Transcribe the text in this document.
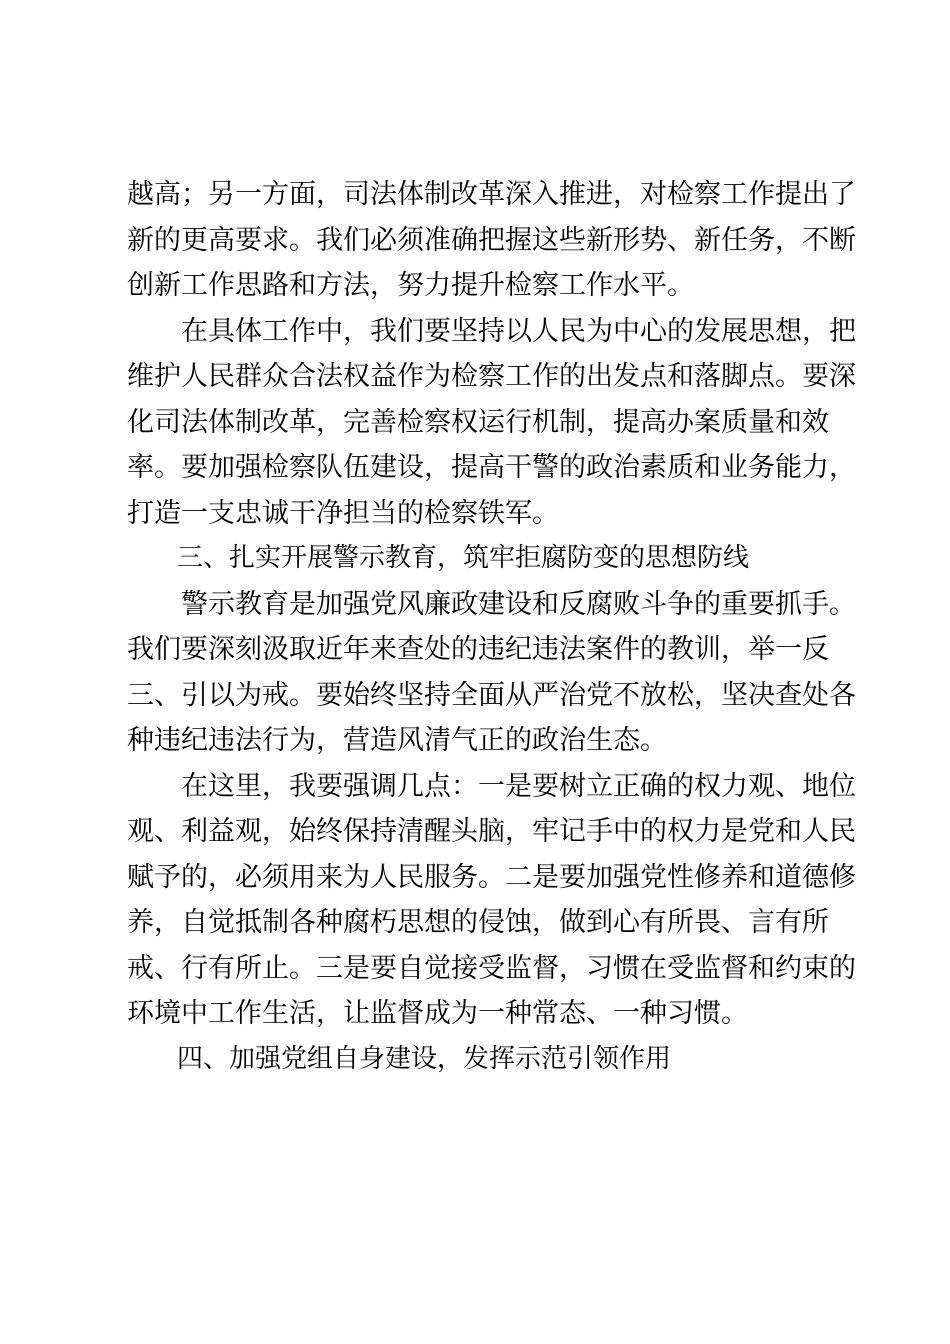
越高；另一方面，司法体制改革深入推进，对检察工作提出了
新的更高要求。我们必须准确把握这些新形势、新任务，不断
创新工作思路和方法，努力提升检察工作水平。
在具体工作中，我们要坚持以人民为中心的发展思想，把
维护人民群众合法权益作为检察工作的出发点和落脚点。要深
化司法体制改革，完善检察权运行机制，提高办案质量和效
率。要加强检察队伍建设，提高干警的政治素质和业务能力，
打造一支忠诚干净担当的检察铁军。
三、扎实开展警示教育，筑牢拒腐防变的思想防线
警示教育是加强党风廉政建设和反腐败斗争的重要抓手。
我们要深刻汲取近年来查处的违纪违法案件的教训，举一反
三、引以为戒。要始终坚持全面从严治党不放松，坚决查处各
种违纪违法行为，营造风清气正的政治生态。
在这里，我要强调几点：一是要树立正确的权力观、地位
观、利益观，始终保持清醒头脑，牢记手中的权力是党和人民
赋予的，必须用来为人民服务。二是要加强党性修养和道德修
养，自觉抵制各种腐朽思想的侵蚀，做到心有所畏、言有所
戒、行有所止。三是要自觉接受监督，习惯在受监督和约束的
环境中工作生活，让监督成为一种常态、一种习惯。
四、加强党组自身建设，发挥示范引领作用
